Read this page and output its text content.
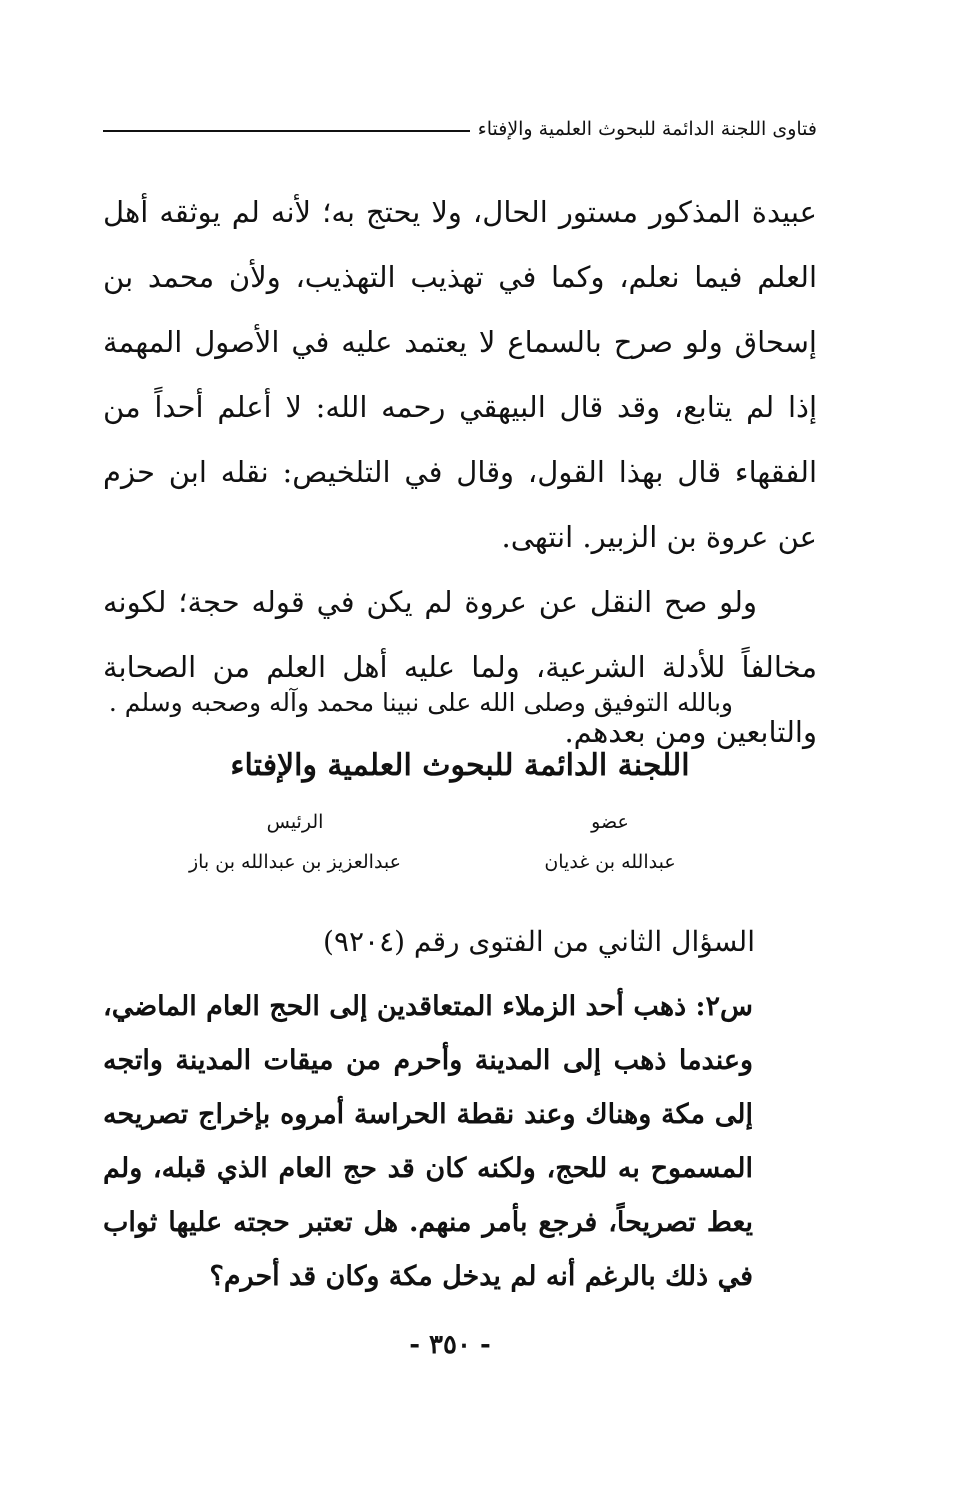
فتاوى اللجنة الدائمة للبحوث العلمية والإفتاء

عبيدة المذكور مستور الحال، ولا يحتج به؛ لأنه لم يوثقه أهل العلم فيما نعلم، وكما في تهذيب التهذيب، ولأن محمد بن إسحاق ولو صرح بالسماع لا يعتمد عليه في الأصول المهمة إذا لم يتابع، وقد قال البيهقي رحمه الله: لا أعلم أحداً من الفقهاء قال بهذا القول، وقال في التلخيص: نقله ابن حزم عن عروة بن الزبير. انتهى.

ولو صح النقل عن عروة لم يكن في قوله حجة؛ لكونه مخالفاً للأدلة الشرعية، ولما عليه أهل العلم من الصحابة والتابعين ومن بعدهم.

وبالله التوفيق وصلى الله على نبينا محمد وآله وصحبه وسلم .
اللجنة الدائمة للبحوث العلمية والإفتاء
عضو
عبدالله بن غديان
الرئيس
عبدالعزيز بن عبدالله بن باز
السؤال الثاني من الفتوى رقم (٩٢٠٤)
س٢: ذهب أحد الزملاء المتعاقدين إلى الحج العام الماضي، وعندما ذهب إلى المدينة وأحرم من ميقات المدينة واتجه إلى مكة وهناك وعند نقطة الحراسة أمروه بإخراج تصريحه المسموح به للحج، ولكنه كان قد حج العام الذي قبله، ولم يعط تصريحاً، فرجع بأمر منهم. هل تعتبر حجته عليها ثواب في ذلك بالرغم أنه لم يدخل مكة وكان قد أحرم؟
- ٣٥٠ -
